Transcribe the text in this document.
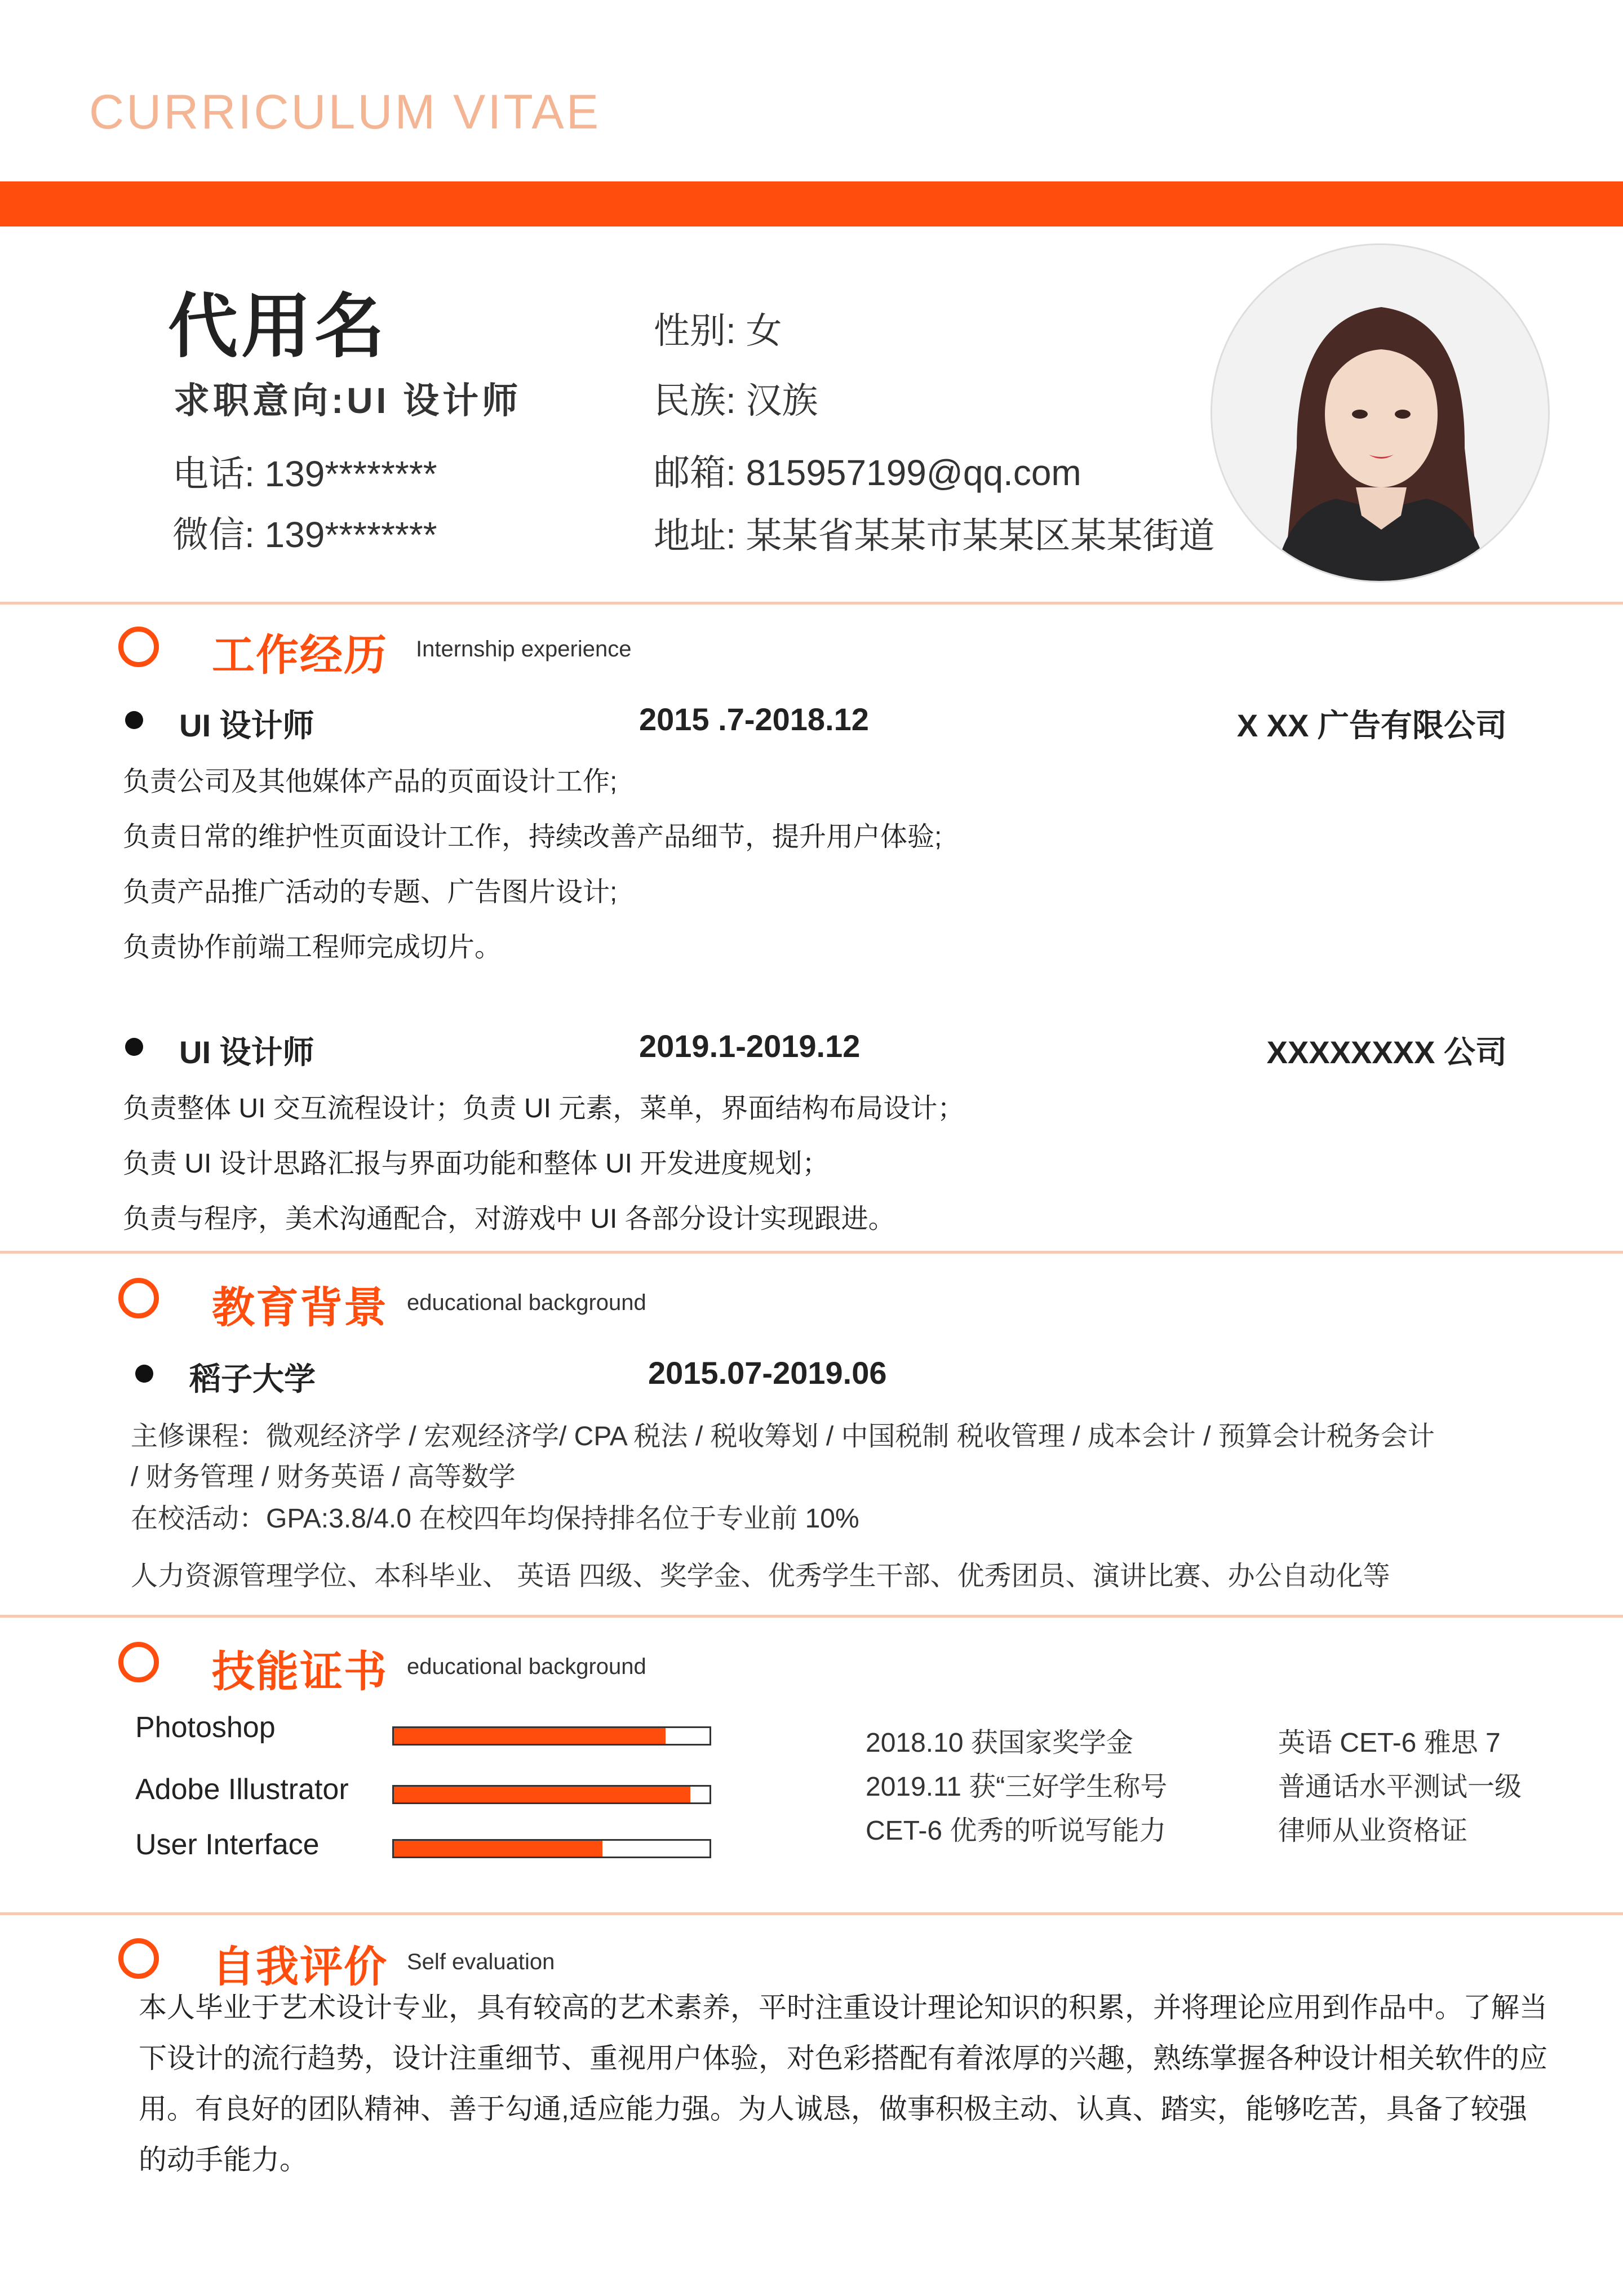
CURRICULUM VITAE
代用名
求职意向:UI 设计师
电话: 139********
微信: 139********
性别: 女
民族: 汉族
邮箱: 815957199@qq.com
地址: 某某省某某市某某区某某街道
工作经历 Internship experience
UI 设计师	2015 .7-2018.12	X XX 广告有限公司
负责公司及其他媒体产品的页面设计工作;
负责日常的维护性页面设计工作，持续改善产品细节，提升用户体验;
负责产品推广活动的专题、广告图片设计;
负责协作前端工程师完成切片。
UI 设计师	2019.1-2019.12	XXXXXXXX 公司
负责整体 UI 交互流程设计；负责 UI 元素，菜单，界面结构布局设计；
负责 UI 设计思路汇报与界面功能和整体 UI 开发进度规划；
负责与程序，美术沟通配合，对游戏中 UI 各部分设计实现跟进。
教育背景 educational background
稻子大学	2015.07-2019.06
主修课程：微观经济学 / 宏观经济学/ CPA 税法 / 税收筹划 / 中国税制 税收管理 / 成本会计 / 预算会计税务会计
/ 财务管理 / 财务英语 / 高等数学
在校活动：GPA:3.8/4.0 在校四年均保持排名位于专业前 10%
人力资源管理学位、本科毕业、 英语 四级、奖学金、优秀学生干部、优秀团员、演讲比赛、办公自动化等
技能证书 educational background
Photoshop
Adobe Illustrator
User Interface
2018.10 获国家奖学金
2019.11 获“三好学生称号
CET-6 优秀的听说写能力
英语 CET-6 雅思 7
普通话水平测试一级
律师从业资格证
自我评价 Self evaluation

本人毕业于艺术设计专业，具有较高的艺术素养，平时注重设计理论知识的积累，并将理论应用到作品中。了解当下设计的流行趋势，设计注重细节、重视用户体验，对色彩搭配有着浓厚的兴趣，熟练掌握各种设计相关软件的应用。有良好的团队精神、善于勾通,适应能力强。为人诚恳，做事积极主动、认真、踏实，能够吃苦，具备了较强的动手能力。
